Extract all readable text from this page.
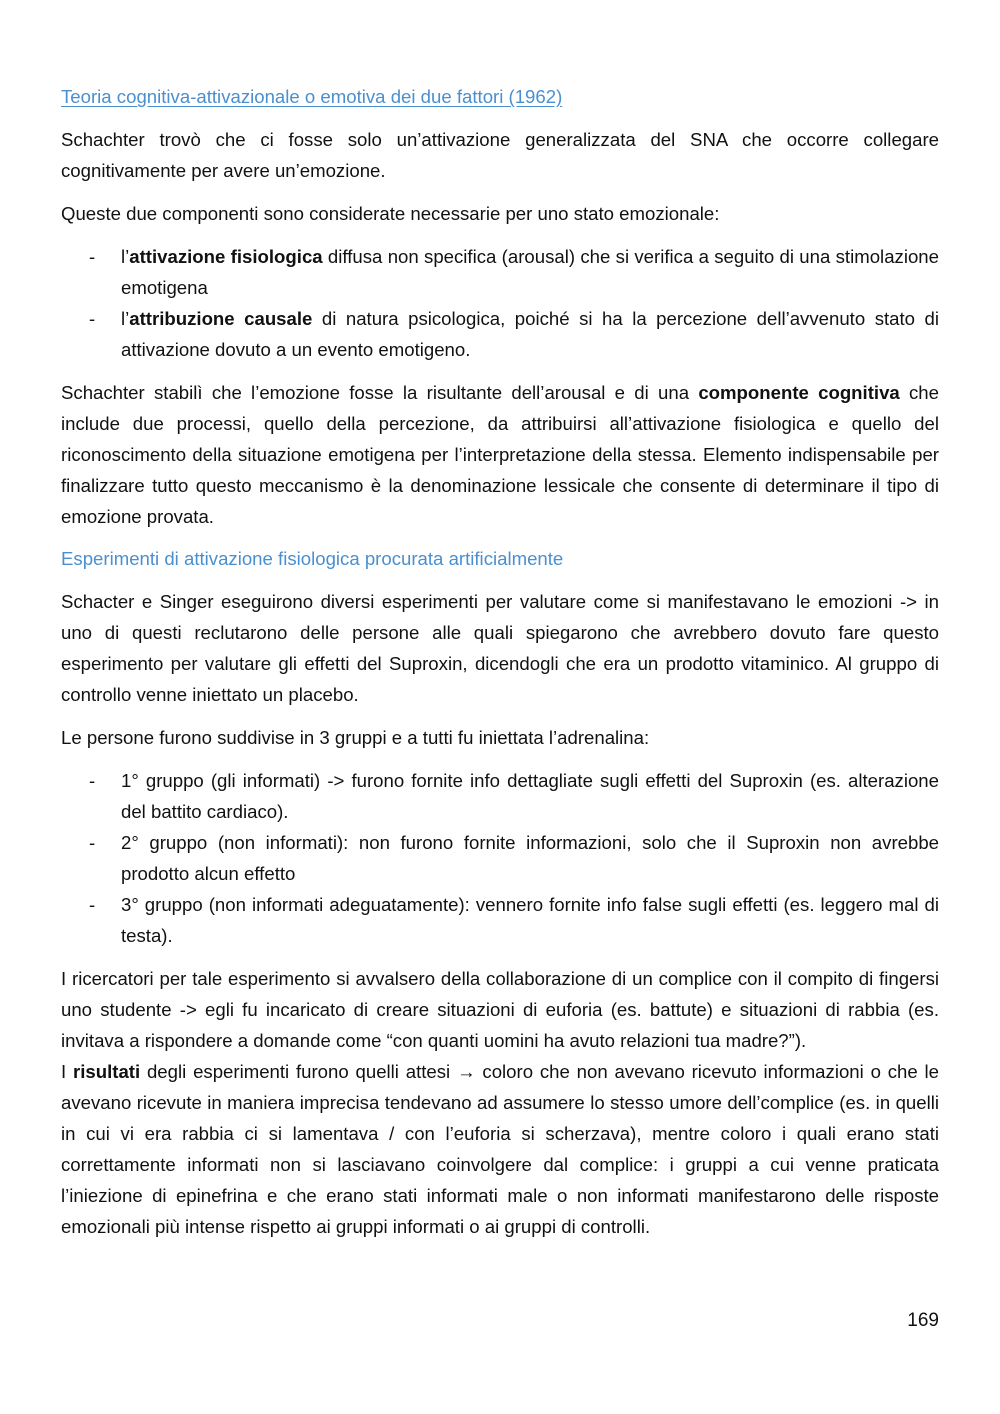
Teoria cognitiva-attivazionale o emotiva dei due fattori (1962)

Schachter trovò che ci fosse solo un’attivazione generalizzata del SNA che occorre collegare cognitivamente per avere un’emozione.

Queste due componenti sono considerate necessarie per uno stato emozionale:

- l’attivazione fisiologica diffusa non specifica (arousal) che si verifica a seguito di una stimolazione emotigena
- l’attribuzione causale di natura psicologica, poiché si ha la percezione dell’avvenuto stato di attivazione dovuto a un evento emotigeno.

Schachter stabilì che l’emozione fosse la risultante dell’arousal e di una componente cognitiva che include due processi, quello della percezione, da attribuirsi all’attivazione fisiologica e quello del riconoscimento della situazione emotigena per l’interpretazione della stessa. Elemento indispensabile per finalizzare tutto questo meccanismo è la denominazione lessicale che consente di determinare il tipo di emozione provata.

Esperimenti di attivazione fisiologica procurata artificialmente

Schacter e Singer eseguirono diversi esperimenti per valutare come si manifestavano le emozioni -> in uno di questi reclutarono delle persone alle quali spiegarono che avrebbero dovuto fare questo esperimento per valutare gli effetti del Suproxin, dicendogli che era un prodotto vitaminico. Al gruppo di controllo venne iniettato un placebo.

Le persone furono suddivise in 3 gruppi e a tutti fu iniettata l’adrenalina:

- 1° gruppo (gli informati) -> furono fornite info dettagliate sugli effetti del Suproxin (es. alterazione del battito cardiaco).
- 2° gruppo (non informati): non furono fornite informazioni, solo che il Suproxin non avrebbe prodotto alcun effetto
- 3° gruppo (non informati adeguatamente): vennero fornite info false sugli effetti (es. leggero mal di testa).

I ricercatori per tale esperimento si avvalsero della collaborazione di un complice con il compito di fingersi uno studente -> egli fu incaricato di creare situazioni di euforia (es. battute) e situazioni di rabbia (es. invitava a rispondere a domande come “con quanti uomini ha avuto relazioni tua madre?”).

I risultati degli esperimenti furono quelli attesi → coloro che non avevano ricevuto informazioni o che le avevano ricevute in maniera imprecisa tendevano ad assumere lo stesso umore dell’complice (es. in quelli in cui vi era rabbia ci si lamentava / con l’euforia si scherzava), mentre coloro i quali erano stati correttamente informati non si lasciavano coinvolgere dal complice: i gruppi a cui venne praticata l’iniezione di epinefrina e che erano stati informati male o non informati manifestarono delle risposte emozionali più intense rispetto ai gruppi informati o ai gruppi di controlli.

169
